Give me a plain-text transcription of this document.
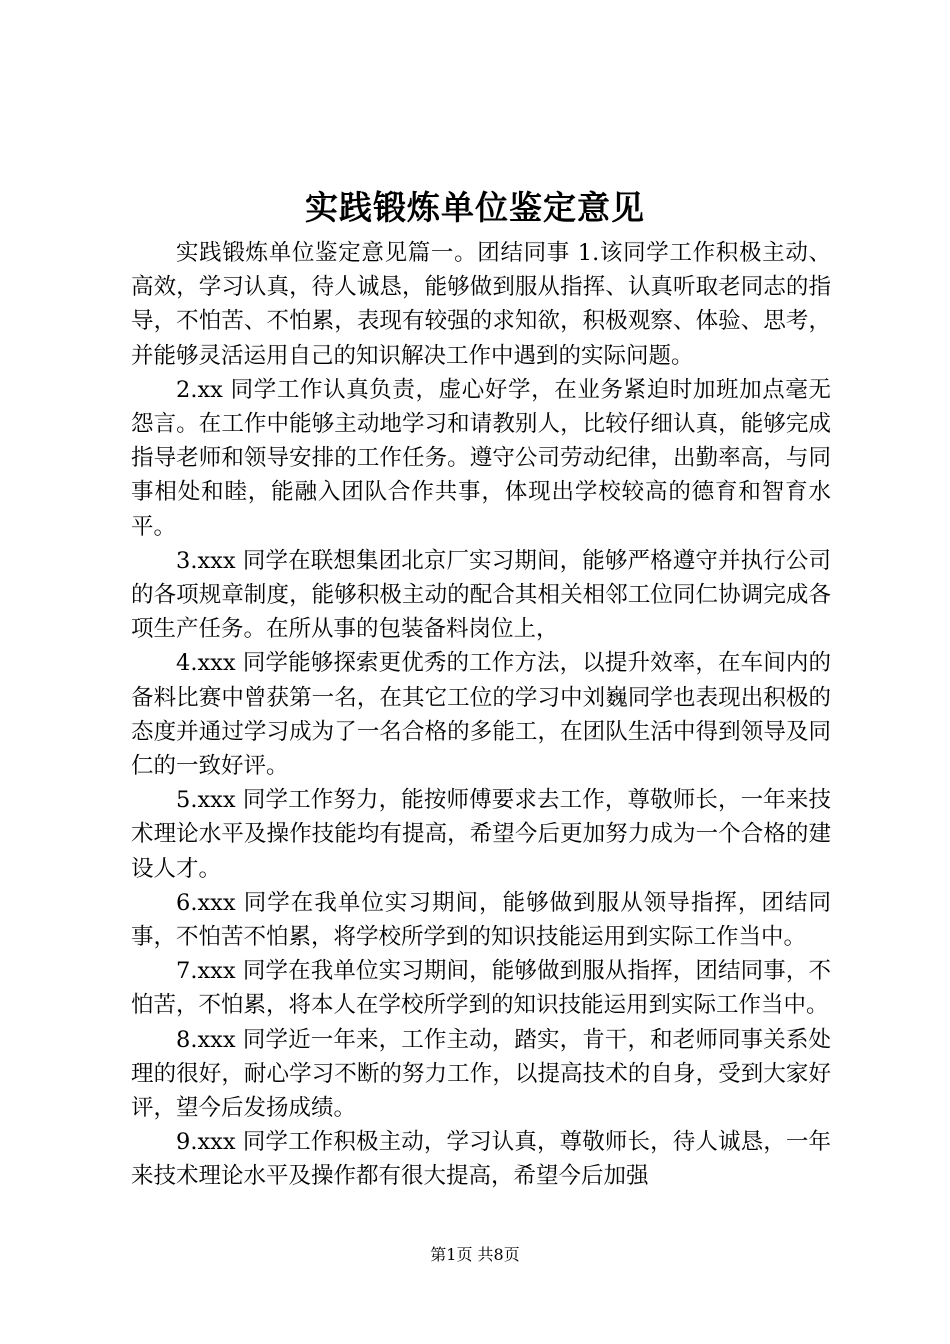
实践锻炼单位鉴定意见

实践锻炼单位鉴定意见篇一。团结同事 1.该同学工作积极主动、高效，学习认真，待人诚恳，能够做到服从指挥、认真听取老同志的指导，不怕苦、不怕累，表现有较强的求知欲，积极观察、体验、思考，并能够灵活运用自己的知识解决工作中遇到的实际问题。

2.xx 同学工作认真负责，虚心好学，在业务紧迫时加班加点毫无怨言。在工作中能够主动地学习和请教别人，比较仔细认真，能够完成指导老师和领导安排的工作任务。遵守公司劳动纪律，出勤率高，与同事相处和睦，能融入团队合作共事，体现出学校较高的德育和智育水平。

3.xxx 同学在联想集团北京厂实习期间，能够严格遵守并执行公司的各项规章制度，能够积极主动的配合其相关相邻工位同仁协调完成各项生产任务。在所从事的包装备料岗位上，

4.xxx 同学能够探索更优秀的工作方法，以提升效率，在车间内的备料比赛中曾获第一名，在其它工位的学习中刘巍同学也表现出积极的态度并通过学习成为了一名合格的多能工，在团队生活中得到领导及同仁的一致好评。

5.xxx 同学工作努力，能按师傅要求去工作，尊敬师长，一年来技术理论水平及操作技能均有提高，希望今后更加努力成为一个合格的建设人才。

6.xxx 同学在我单位实习期间，能够做到服从领导指挥，团结同事，不怕苦不怕累，将学校所学到的知识技能运用到实际工作当中。

7.xxx 同学在我单位实习期间，能够做到服从指挥，团结同事，不怕苦，不怕累，将本人在学校所学到的知识技能运用到实际工作当中。

8.xxx 同学近一年来，工作主动，踏实，肯干，和老师同事关系处理的很好，耐心学习不断的努力工作，以提高技术的自身，受到大家好评，望今后发扬成绩。

9.xxx 同学工作积极主动，学习认真，尊敬师长，待人诚恳，一年来技术理论水平及操作都有很大提高，希望今后加强

第1页 共8页
